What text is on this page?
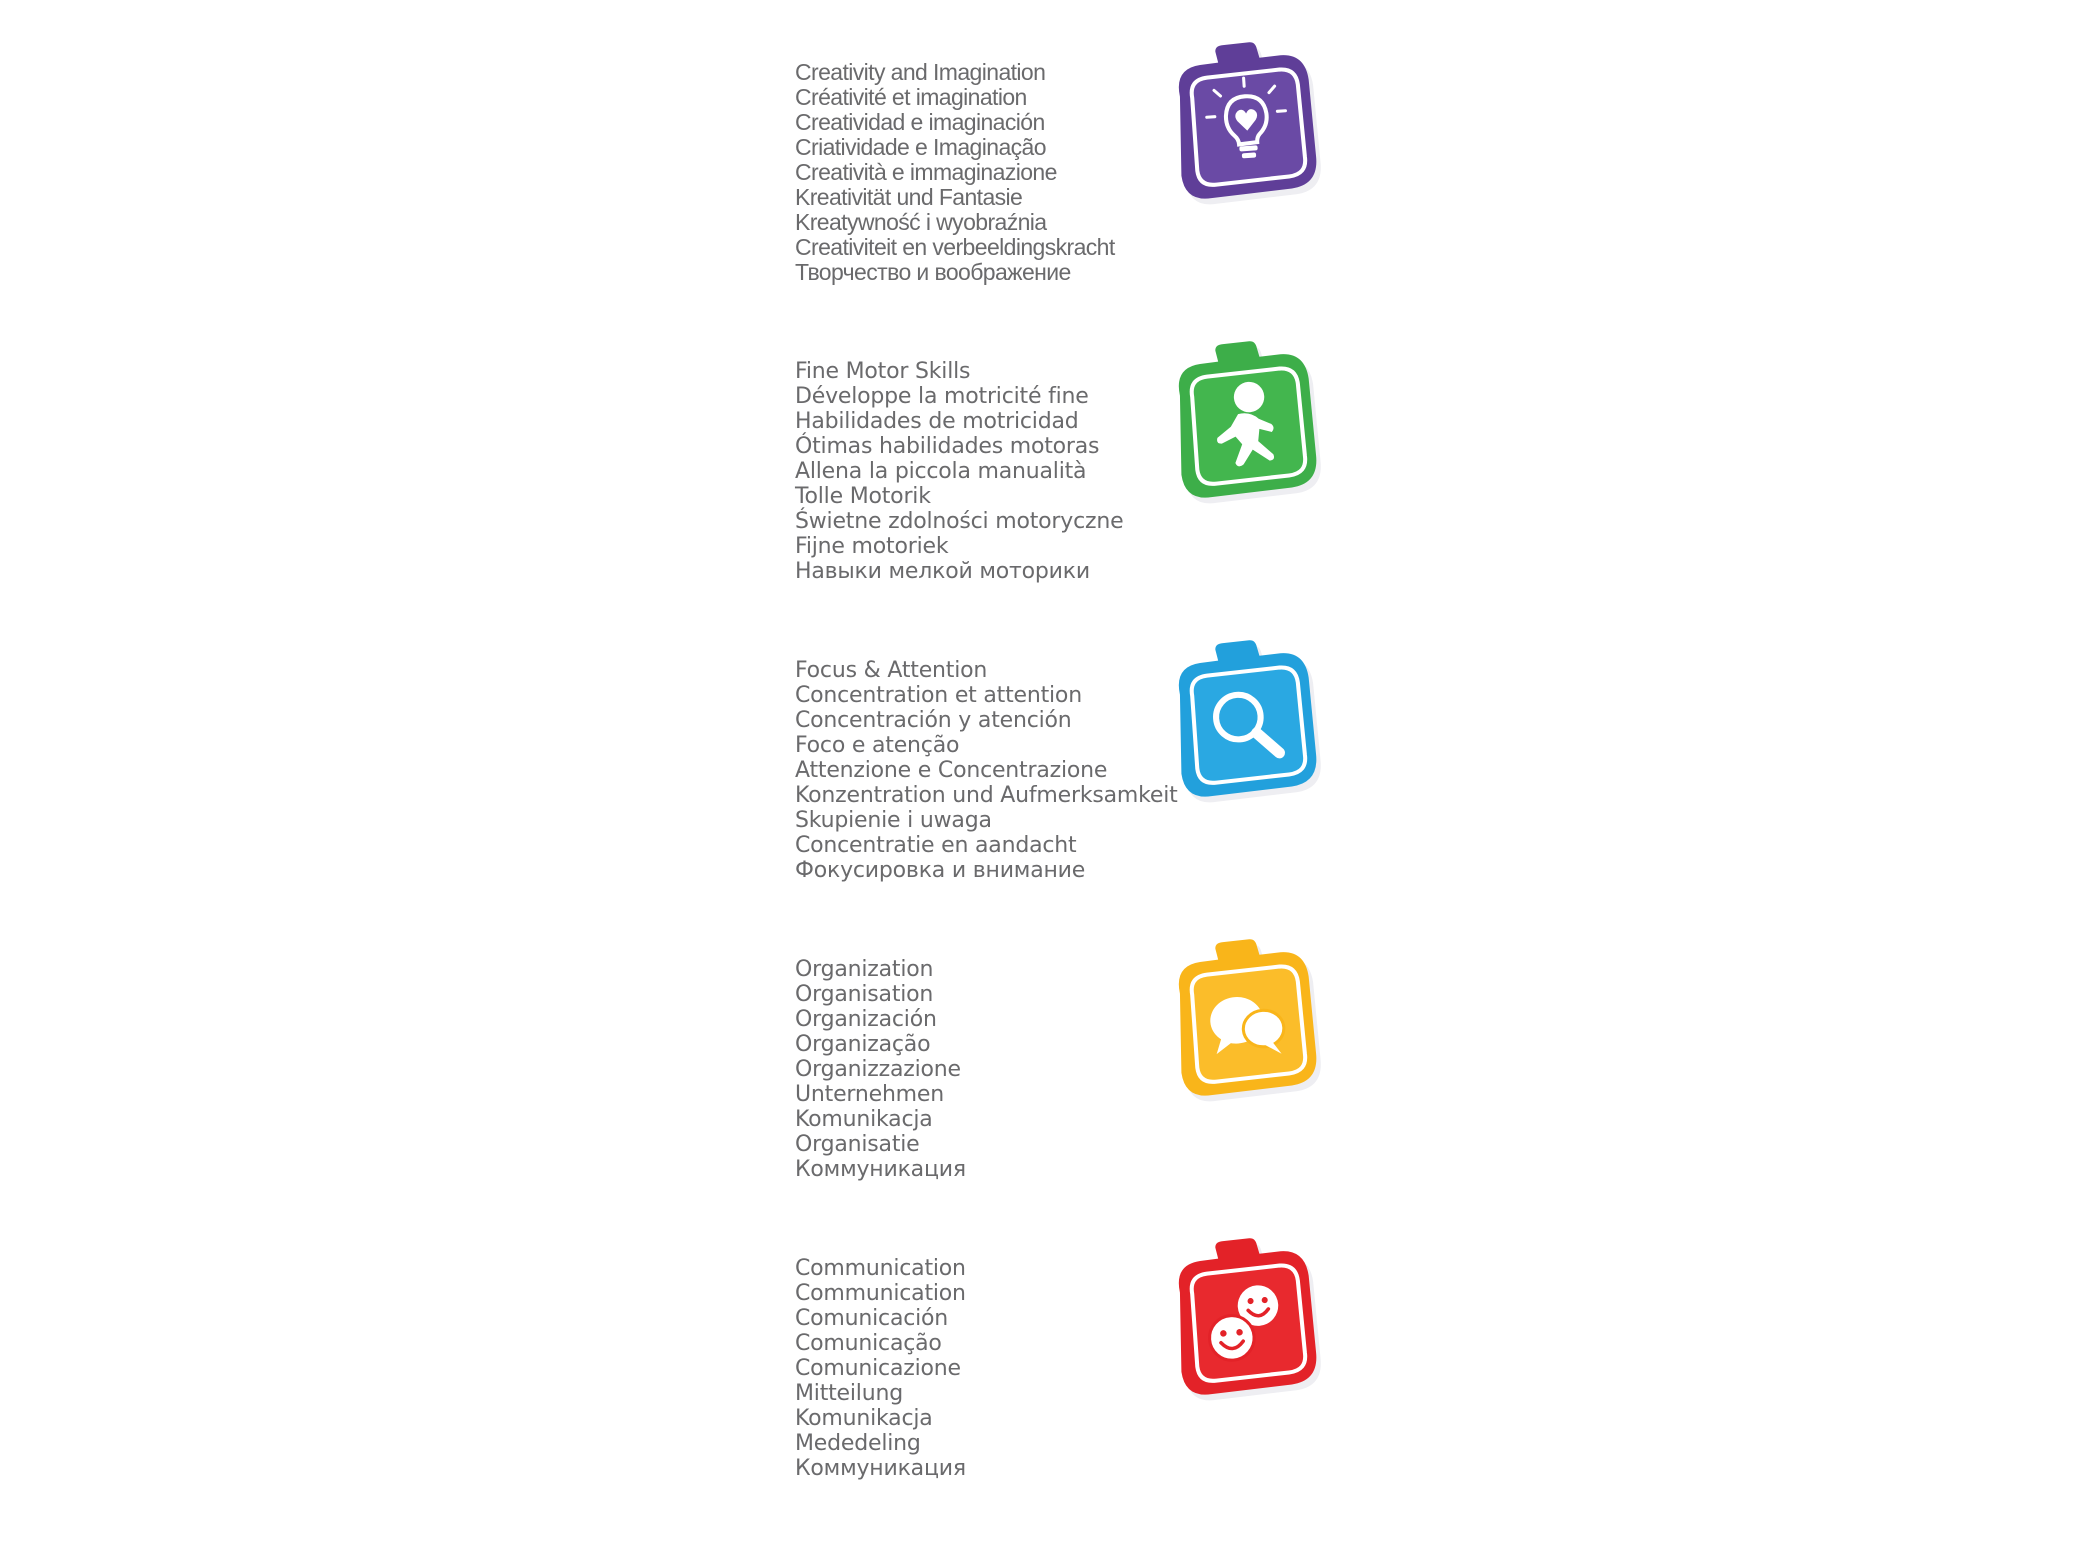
Creativity and Imagination
Créativité et imagination
Creatividad e imaginación
Criatividade e Imaginação
Creatività e immaginazione
Kreativität und Fantasie
Kreatywność i wyobraźnia
Creativiteit en verbeeldingskracht
Творчество и воображение
Fine Motor Skills
Développe la motricité fine
Habilidades de motricidad
Ótimas habilidades motoras
Allena la piccola manualità
Tolle Motorik
Świetne zdolności motoryczne
Fijne motoriek
Навыки мелкой моторики
Focus & Attention
Concentration et attention
Concentración y atención
Foco e atenção
Attenzione e Concentrazione
Konzentration und Aufmerksamkeit
Skupienie i uwaga
Concentratie en aandacht
Фокусировка и внимание
Organization
Organisation
Organización
Organização
Organizzazione
Unternehmen
Komunikacja
Organisatie
Коммуникация
Communication
Communication
Comunicación
Comunicação
Comunicazione
Mitteilung
Komunikacja
Mededeling
Коммуникация
